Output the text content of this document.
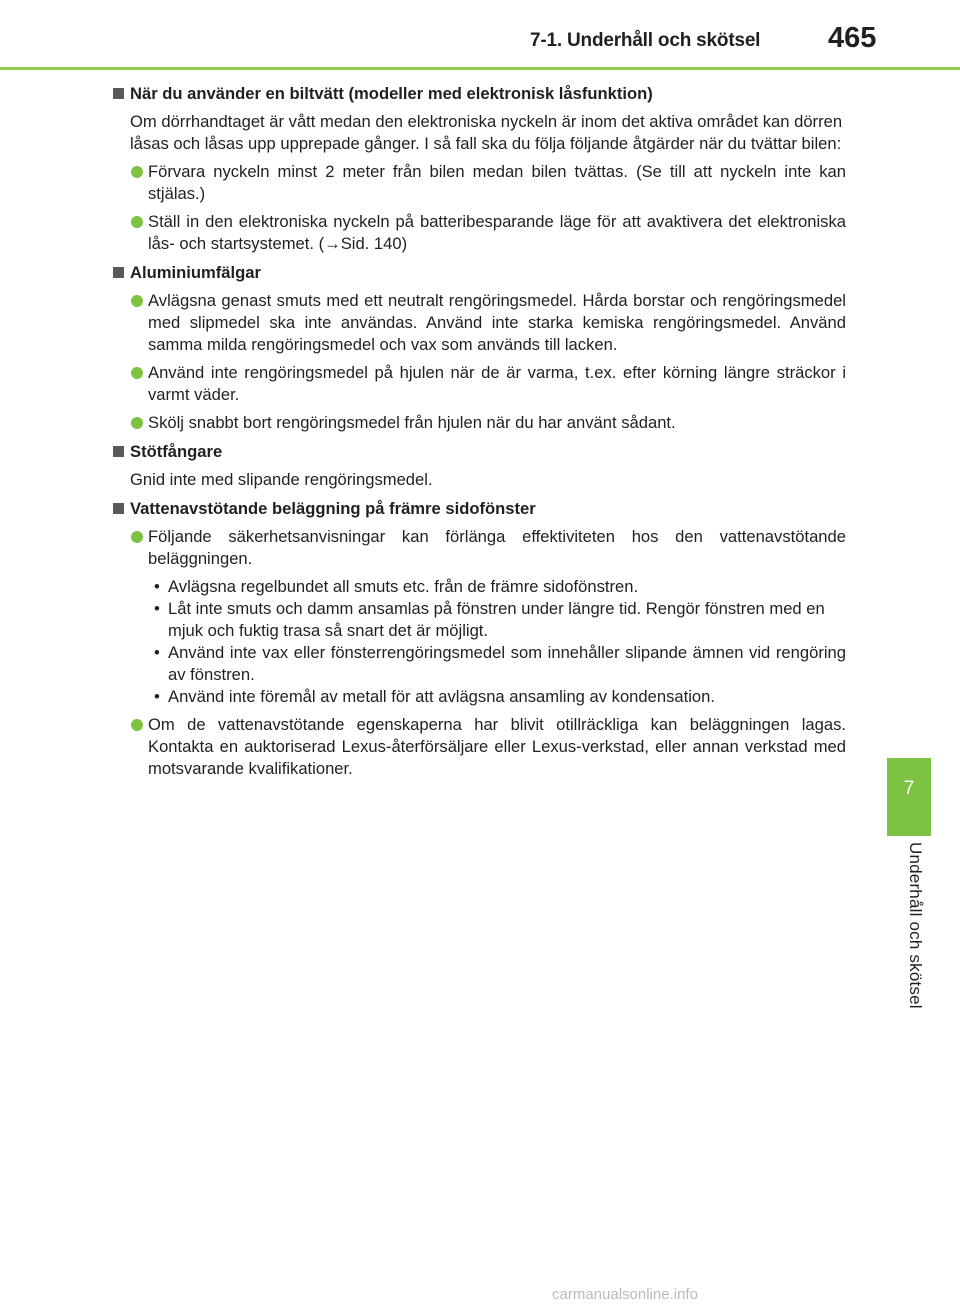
7-1. Underhåll och skötsel 465
7
Underhåll och skötsel
När du använder en biltvätt (modeller med elektronisk låsfunktion)
Om dörrhandtaget är vått medan den elektroniska nyckeln är inom det aktiva området kan dörren låsas och låsas upp upprepade gånger. I så fall ska du följa följande åtgärder när du tvättar bilen:
Förvara nyckeln minst 2 meter från bilen medan bilen tvättas. (Se till att nyckeln inte kan stjälas.)
Ställ in den elektroniska nyckeln på batteribesparande läge för att avaktivera det elektroniska lås- och startsystemet. (→Sid. 140)
Aluminiumfälgar
Avlägsna genast smuts med ett neutralt rengöringsmedel. Hårda borstar och rengöringsmedel med slipmedel ska inte användas. Använd inte starka kemiska rengöringsmedel. Använd samma milda rengöringsmedel och vax som används till lacken.
Använd inte rengöringsmedel på hjulen när de är varma, t.ex. efter körning längre sträckor i varmt väder.
Skölj snabbt bort rengöringsmedel från hjulen när du har använt sådant.
Stötfångare
Gnid inte med slipande rengöringsmedel.
Vattenavstötande beläggning på främre sidofönster
Följande säkerhetsanvisningar kan förlänga effektiviteten hos den vattenavstötande beläggningen.
• Avlägsna regelbundet all smuts etc. från de främre sidofönstren.
• Låt inte smuts och damm ansamlas på fönstren under längre tid. Rengör fönstren med en mjuk och fuktig trasa så snart det är möjligt.
• Använd inte vax eller fönsterrengöringsmedel som innehåller slipande ämnen vid rengöring av fönstren.
• Använd inte föremål av metall för att avlägsna ansamling av kondensation.
Om de vattenavstötande egenskaperna har blivit otillräckliga kan beläggningen lagas. Kontakta en auktoriserad Lexus-återförsäljare eller Lexus-verkstad, eller annan verkstad med motsvarande kvalifikationer.
carmanualsonline.info
